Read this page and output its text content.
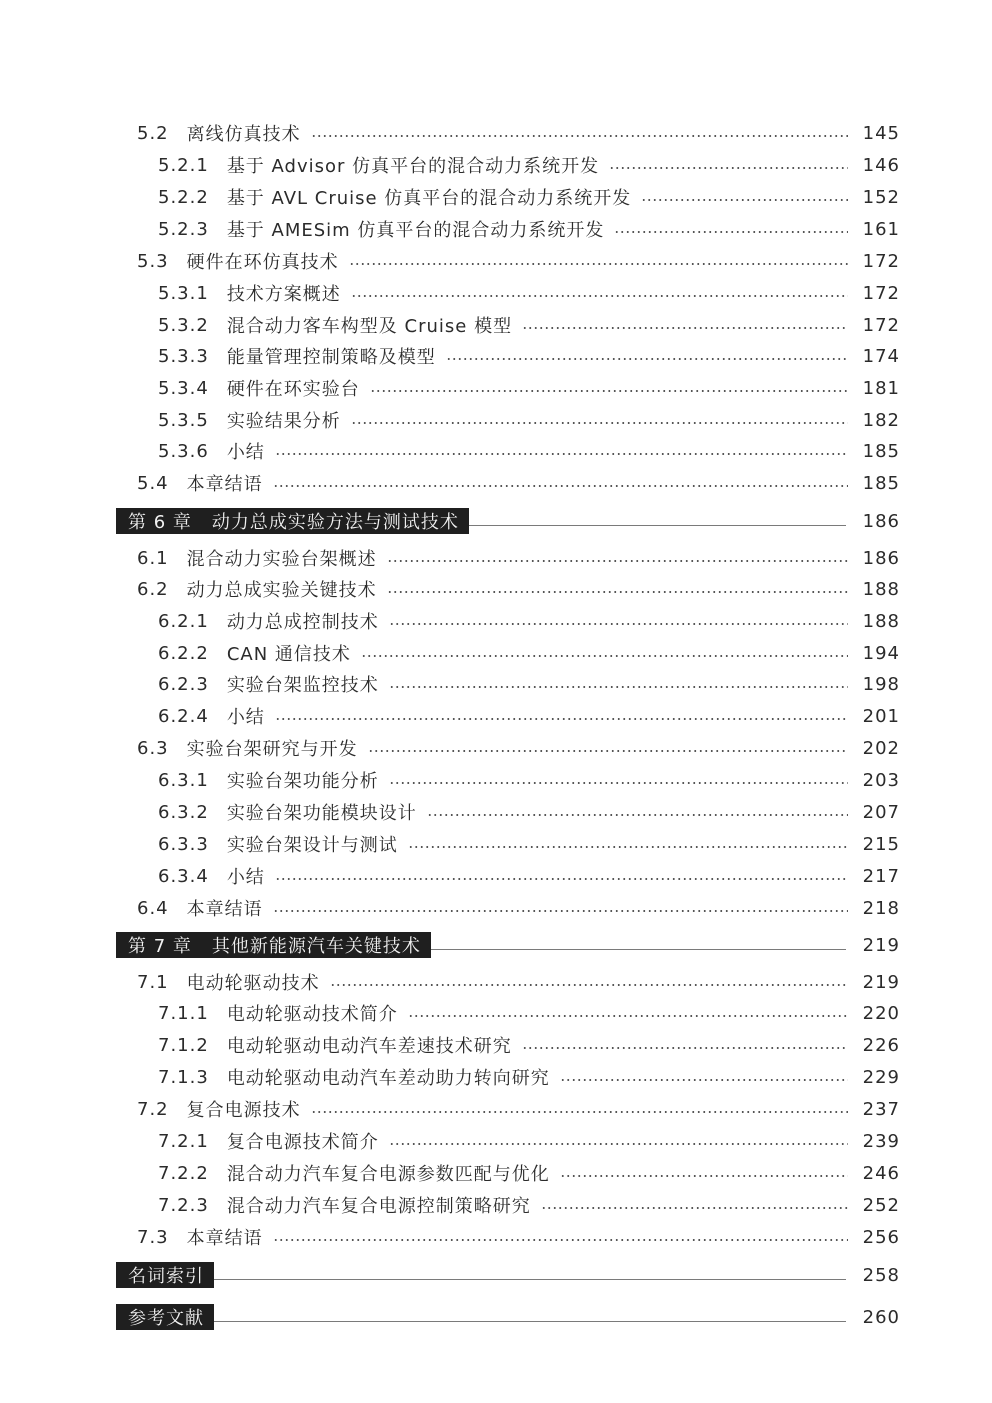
5.2 离线仿真技术	145
5.2.1 基于 Advisor 仿真平台的混合动力系统开发	146
5.2.2 基于 AVL Cruise 仿真平台的混合动力系统开发	152
5.2.3 基于 AMESim 仿真平台的混合动力系统开发	161
5.3 硬件在环仿真技术	172
5.3.1 技术方案概述	172
5.3.2 混合动力客车构型及 Cruise 模型	172
5.3.3 能量管理控制策略及模型	174
5.3.4 硬件在环实验台	181
5.3.5 实验结果分析	182
5.3.6 小结	185
5.4 本章结语	185
第 6 章 动力总成实验方法与测试技术	186
6.1 混合动力实验台架概述	186
6.2 动力总成实验关键技术	188
6.2.1 动力总成控制技术	188
6.2.2 CAN 通信技术	194
6.2.3 实验台架监控技术	198
6.2.4 小结	201
6.3 实验台架研究与开发	202
6.3.1 实验台架功能分析	203
6.3.2 实验台架功能模块设计	207
6.3.3 实验台架设计与测试	215
6.3.4 小结	217
6.4 本章结语	218
第 7 章 其他新能源汽车关键技术	219
7.1 电动轮驱动技术	219
7.1.1 电动轮驱动技术简介	220
7.1.2 电动轮驱动电动汽车差速技术研究	226
7.1.3 电动轮驱动电动汽车差动助力转向研究	229
7.2 复合电源技术	237
7.2.1 复合电源技术简介	239
7.2.2 混合动力汽车复合电源参数匹配与优化	246
7.2.3 混合动力汽车复合电源控制策略研究	252
7.3 本章结语	256
名词索引	258
参考文献	260
